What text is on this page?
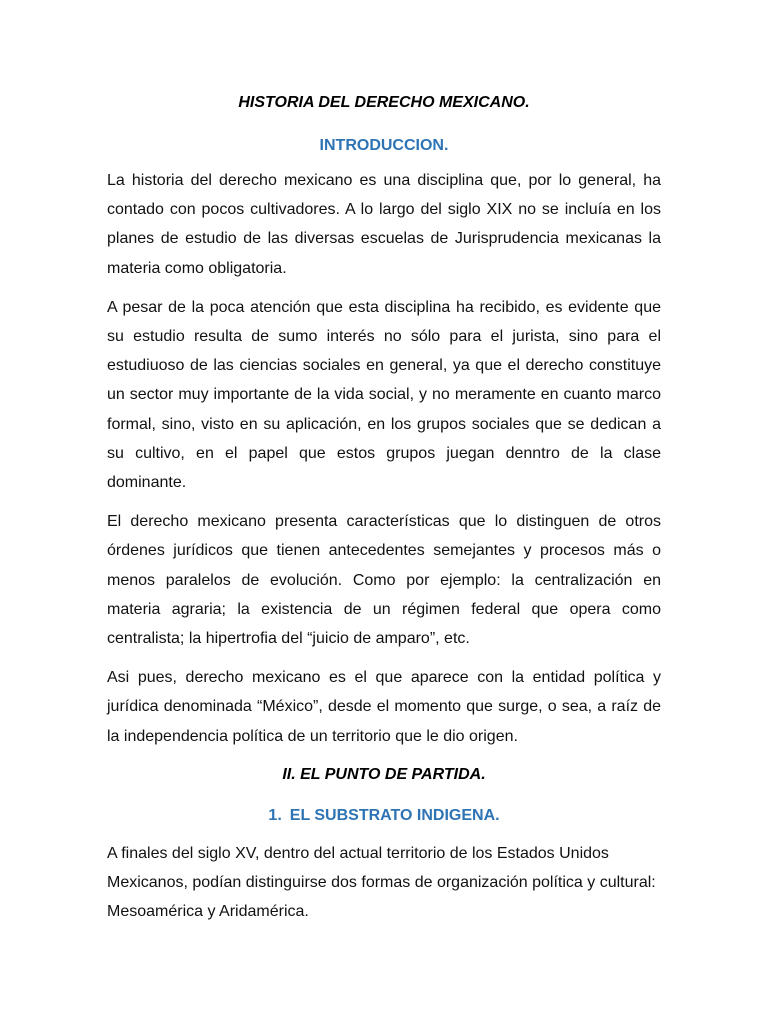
HISTORIA DEL DERECHO MEXICANO.
INTRODUCCION.

La historia del derecho mexicano es una disciplina que, por lo general, ha contado con pocos cultivadores. A lo largo del siglo XIX no se incluía en los planes de estudio de las diversas escuelas de Jurisprudencia mexicanas la materia como obligatoria.

A pesar de la poca atención que esta disciplina ha recibido, es evidente que su estudio resulta de sumo interés no sólo para el jurista, sino para el estudiuoso de las ciencias sociales en general, ya que el derecho constituye un sector muy importante de la vida social, y no meramente en cuanto marco formal, sino, visto en su aplicación, en los grupos sociales que se dedican a su cultivo, en el papel que estos grupos juegan denntro de la clase dominante.

El derecho mexicano presenta características que lo distinguen de otros órdenes jurídicos que tienen antecedentes semejantes y procesos más o menos paralelos de evolución. Como por ejemplo: la centralización en materia agraria; la existencia de un régimen federal que opera como centralista; la hipertrofia del “juicio de amparo”, etc.

Asi pues, derecho mexicano es el que aparece con la entidad política y jurídica denominada “México”, desde el momento que surge, o sea, a raíz de la independencia política de un territorio que le dio origen.

II. EL PUNTO DE PARTIDA.
1. EL SUBSTRATO INDIGENA.

A finales del siglo XV, dentro del actual territorio de los Estados Unidos Mexicanos, podían distinguirse dos formas de organización política y cultural: Mesoamérica y Aridamérica.
